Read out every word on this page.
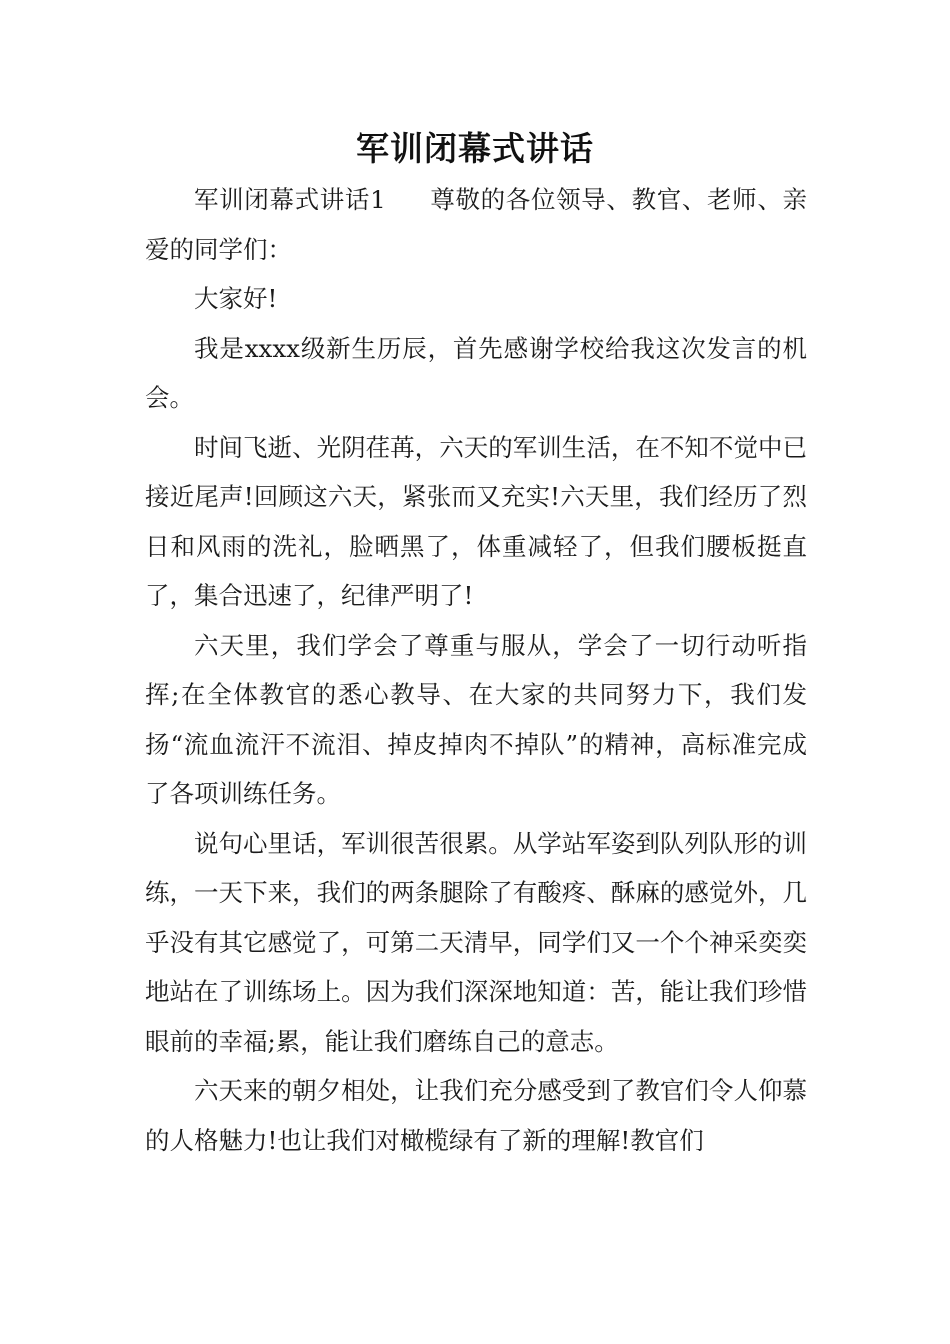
军训闭幕式讲话

军训闭幕式讲话1 尊敬的各位领导、教官、老师、亲爱的同学们：

大家好!

我是xxxx级新生历辰，首先感谢学校给我这次发言的机会。

时间飞逝、光阴荏苒，六天的军训生活，在不知不觉中已接近尾声!回顾这六天，紧张而又充实!六天里，我们经历了烈日和风雨的洗礼，脸晒黑了，体重减轻了，但我们腰板挺直了，集合迅速了，纪律严明了!

六天里，我们学会了尊重与服从，学会了一切行动听指挥;在全体教官的悉心教导、在大家的共同努力下，我们发扬“流血流汗不流泪、掉皮掉肉不掉队”的精神，高标准完成了各项训练任务。

说句心里话，军训很苦很累。从学站军姿到队列队形的训练，一天下来，我们的两条腿除了有酸疼、酥麻的感觉外，几乎没有其它感觉了，可第二天清早，同学们又一个个神采奕奕地站在了训练场上。因为我们深深地知道：苦，能让我们珍惜眼前的幸福;累，能让我们磨练自己的意志。

六天来的朝夕相处，让我们充分感受到了教官们令人仰慕的人格魅力!也让我们对橄榄绿有了新的理解!教官们
